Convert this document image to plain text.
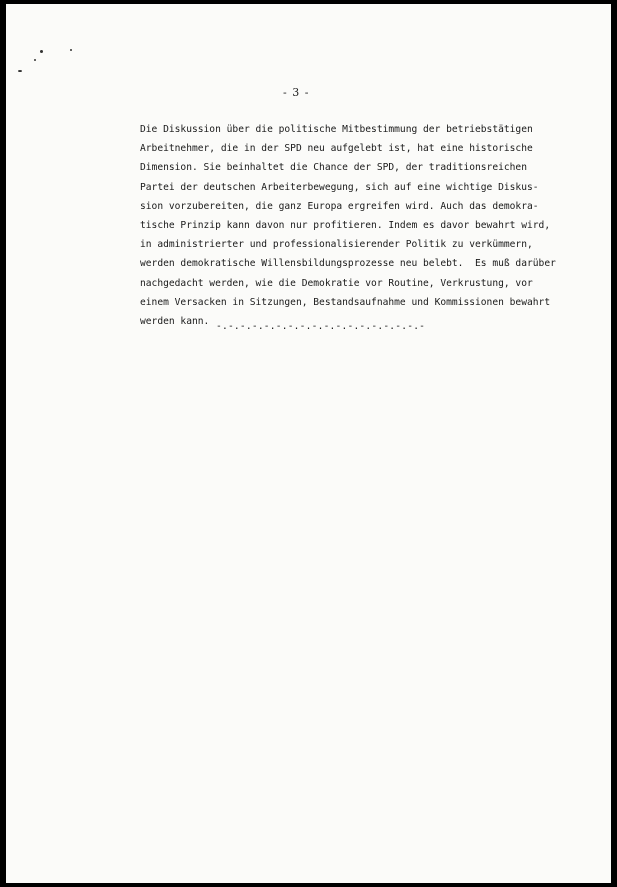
- 3 -
Die Diskussion über die politische Mitbestimmung der betriebstätigen
Arbeitnehmer, die in der SPD neu aufgelebt ist, hat eine historische
Dimension. Sie beinhaltet die Chance der SPD, der traditionsreichen
Partei der deutschen Arbeiterbewegung, sich auf eine wichtige Diskus-
sion vorzubereiten, die ganz Europa ergreifen wird. Auch das demokra-
tische Prinzip kann davon nur profitieren. Indem es davor bewahrt wird,
in administrierter und professionalisierender Politik zu verkümmern,
werden demokratische Willensbildungsprozesse neu belebt.  Es muß darüber
nachgedacht werden, wie die Demokratie vor Routine, Verkrustung, vor
einem Versacken in Sitzungen, Bestandsaufnahme und Kommissionen bewahrt
werden kann. -.-.-.-.-.-.-.-.-.-.-.-.-.-.-.-.-.-
